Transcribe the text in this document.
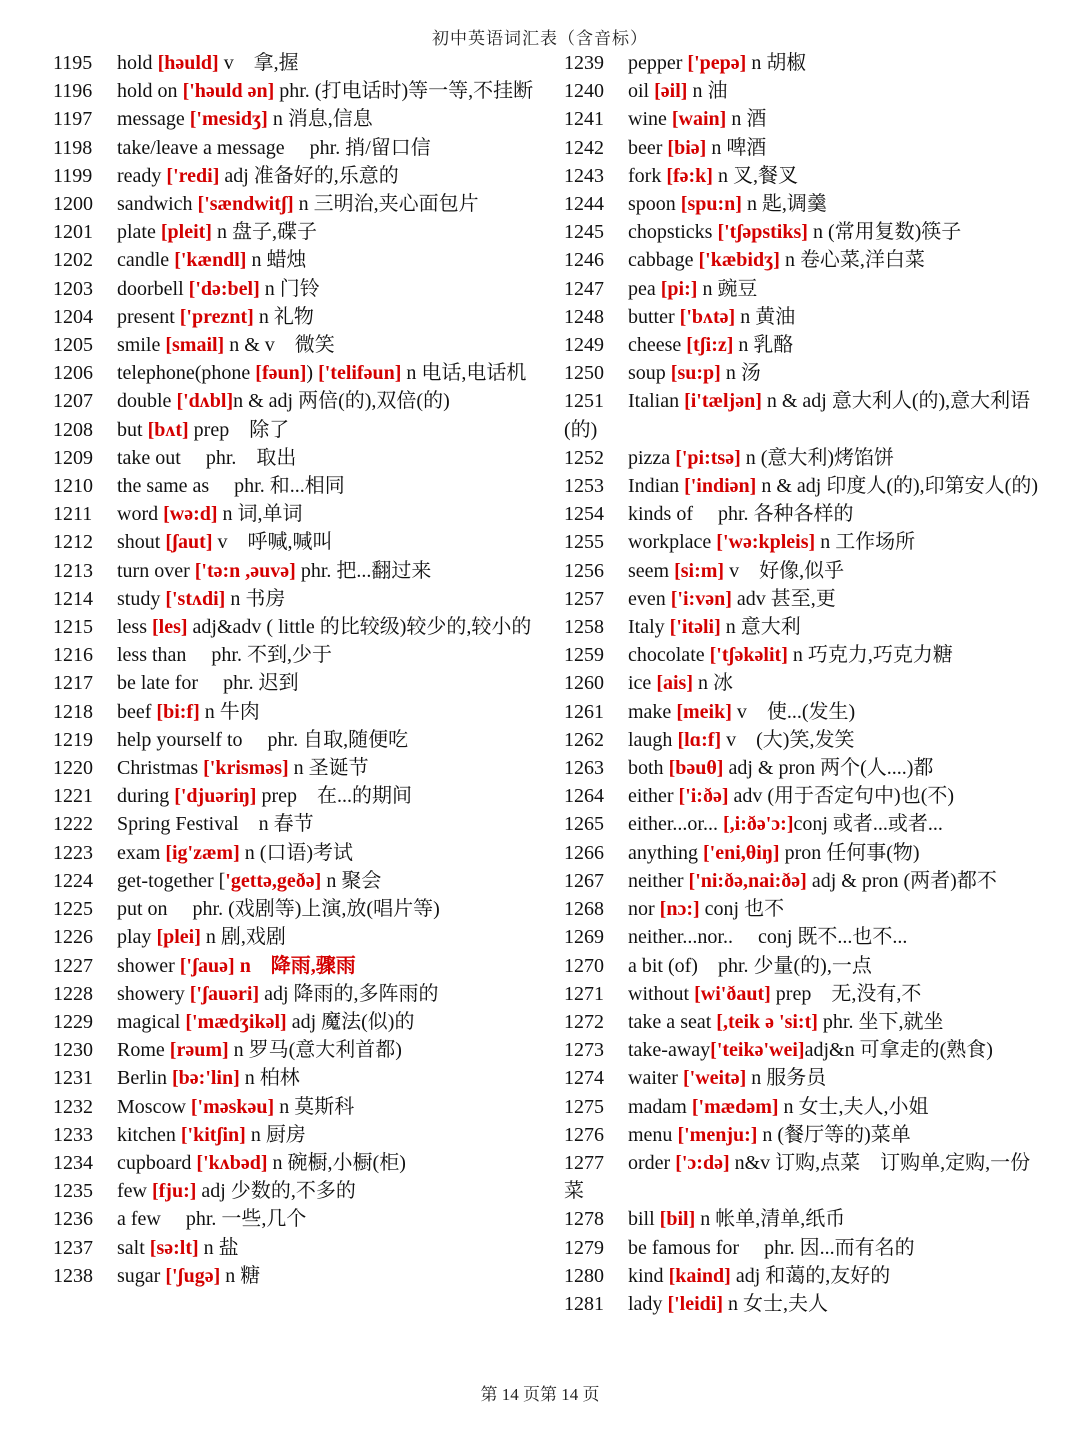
初中英语词汇表（含音标）
1195 hold [həuld] v　拿,握
1196 hold on ['həuld ən] phr. (打电话时)等一等,不挂断
1197 message ['mesidʒ] n 消息,信息
1198 take/leave a message　 phr. 捎/留口信
1199 ready ['redi] adj 准备好的,乐意的
1200 sandwich ['sændwitʃ] n 三明治,夹心面包片
1201 plate [pleit] n 盘子,碟子
1202 candle ['kændl] n 蜡烛
1203 doorbell ['də:bel] n 门铃
1204 present ['preznt] n 礼物
1205 smile [smail] n & v　微笑
1206 telephone(phone [fəun]) ['telifəun] n 电话,电话机
1207 double ['dʌbl]n & adj 两倍(的),双倍(的)
1208 but [bʌt] prep　除了
1209 take out　 phr.　取出
1210 the same as　 phr. 和...相同
1211 word [wə:d] n 词,单词
1212 shout [ʃaut] v　呼喊,喊叫
1213 turn over ['tə:n ,əuvə] phr. 把...翻过来
1214 study ['stʌdi] n 书房
1215 less [les] adj&adv ( little 的比较级)较少的,较小的
1216 less than　 phr. 不到,少于
1217 be late for　 phr. 迟到
1218 beef [bi:f] n 牛肉
1219 help yourself to　 phr. 自取,随便吃
1220 Christmas ['krisməs] n 圣诞节
1221 during ['djuəriŋ] prep　在...的期间
1222 Spring Festival　n 春节
1223 exam [ig'zæm] n (口语)考试
1224 get-together ['gettə,geðə] n 聚会
1225 put on　 phr. (戏剧等)上演,放(唱片等)
1226 play [plei] n 剧,戏剧
1227 shower ['ʃauə] n　降雨,骤雨
1228 showery ['ʃauəri] adj 降雨的,多阵雨的
1229 magical ['mædʒikəl] adj 魔法(似)的
1230 Rome [rəum] n 罗马(意大利首都)
1231 Berlin [bə:'lin] n 柏林
1232 Moscow ['məskəu] n 莫斯科
1233 kitchen ['kitʃin] n 厨房
1234 cupboard ['kʌbəd] n 碗橱,小橱(柜)
1235 few [fju:] adj 少数的,不多的
1236 a few　 phr. 一些,几个
1237 salt [sə:lt] n 盐
1238 sugar ['ʃugə] n 糖
1239 pepper ['pepə] n 胡椒
1240 oil [əil] n 油
1241 wine [wain] n 酒
1242 beer [biə] n 啤酒
1243 fork [fə:k] n 叉,餐叉
1244 spoon [spu:n] n 匙,调羹
1245 chopsticks ['tʃəpstiks] n (常用复数)筷子
1246 cabbage ['kæbidʒ] n 卷心菜,洋白菜
1247 pea [pi:] n 豌豆
1248 butter ['bʌtə] n 黄油
1249 cheese [tʃi:z] n 乳酪
1250 soup [su:p] n 汤
1251 Italian [i'tæljən] n & adj 意大利人(的),意大利语(的)
1252 pizza ['pi:tsə] n (意大利)烤馅饼
1253 Indian ['indiən] n & adj 印度人(的),印第安人(的)
1254 kinds of　 phr. 各种各样的
1255 workplace ['wə:kpleis] n 工作场所
1256 seem [si:m] v　好像,似乎
1257 even ['i:vən] adv 甚至,更
1258 Italy ['itəli] n 意大利
1259 chocolate ['tʃəkəlit] n 巧克力,巧克力糖
1260 ice [ais] n 冰
1261 make [meik] v　使...(发生)
1262 laugh [lɑ:f] v　(大)笑,发笑
1263 both [bəuθ] adj & pron 两个(人....)都
1264 either ['i:ðə] adv (用于否定句中)也(不)
1265 either...or... [,i:ðə'ɔ:]conj 或者...或者...
1266 anything ['eni,θiŋ] pron 任何事(物)
1267 neither ['ni:ðə,nai:ðə] adj & pron (两者)都不
1268 nor [nɔ:] conj 也不
1269 neither...nor..　 conj 既不...也不...
1270 a bit (of)　phr. 少量(的),一点
1271 without [wi'ðaut] prep　无,没有,不
1272 take a seat [,teik ə 'si:t] phr. 坐下,就坐
1273 take-away['teikə'wei]adj&n 可拿走的(熟食)
1274 waiter ['weitə] n 服务员
1275 madam ['mædəm] n 女士,夫人,小姐
1276 menu ['menju:] n (餐厅等的)菜单
1277 order ['ɔ:də] n&v 订购,点菜　订购单,定购,一份菜
1278 bill [bil] n 帐单,清单,纸币
1279 be famous for　 phr. 因...而有名的
1280 kind [kaind] adj 和蔼的,友好的
1281 lady ['leidi] n 女士,夫人
第 14 页第 14 页
